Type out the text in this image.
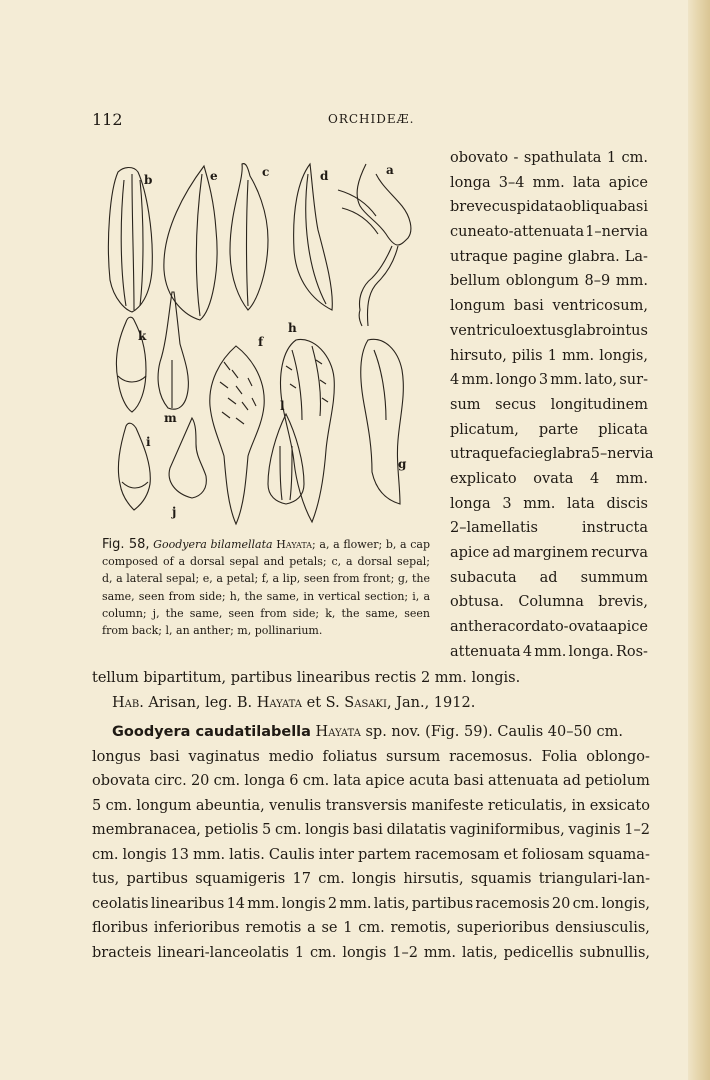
112	ORCHIDEÆ.
b	e	c	d	a
k
m
f
h
g
l
i
j
Fig. 58, Goodyera bilamellata Hayata; a, a flower; b, a cap composed of a dorsal sepal and petals; c, a dorsal sepal; d, a lateral sepal; e, a petal; f, a lip, seen from front; g, the same, seen from side; h, the same, in vertical section; i, a column; j, the same, seen from side; k, the same, seen from back; l, an anther; m, pollinarium.
obovato - spathulata 1 cm.
longa 3–4 mm. lata apice
breve cuspidata obliqua basi
cuneato-attenuata 1–nervia
utraque pagine glabra. La-
bellum oblongum 8–9 mm.
longum basi ventricosum,
ventriculo extus glabro intus
hirsuto, pilis 1 mm. longis,
4 mm. longo 3 mm. lato, sur-
sum secus longitudinem
plicatum, parte plicata
utraque facie glabra 5–nervia
explicato ovata 4 mm.
longa 3 mm. lata discis
2–lamellatis	instructa
apice ad marginem recurva
subacuta ad summum
obtusa. Columna brevis,
anthera cordato-ovata apice
attenuata 4 mm. longa. Ros-
tellum bipartitum, partibus linearibus rectis 2 mm. longis.
Hab. Arisan, leg. B. Hayata et S. Sasaki, Jan., 1912.
Goodyera caudatilabella Hayata sp. nov. (Fig. 59). Caulis 40–50 cm.
longus basi vaginatus medio foliatus sursum racemosus. Folia oblongo-
obovata circ. 20 cm. longa 6 cm. lata apice acuta basi attenuata ad petiolum
5 cm. longum abeuntia, venulis transversis manifeste reticulatis, in exsicato
membranacea, petiolis 5 cm. longis basi dilatatis vaginiformibus, vaginis 1–2
cm. longis 13 mm. latis. Caulis inter partem racemosam et foliosam squama-
tus, partibus squamigeris 17 cm. longis hirsutis, squamis triangulari-lan-
ceolatis linearibus 14 mm. longis 2 mm. latis, partibus racemosis 20 cm. longis,
floribus inferioribus remotis a se 1 cm. remotis, superioribus densiusculis,
bracteis lineari-lanceolatis 1 cm. longis 1–2 mm. latis, pedicellis subnullis,
